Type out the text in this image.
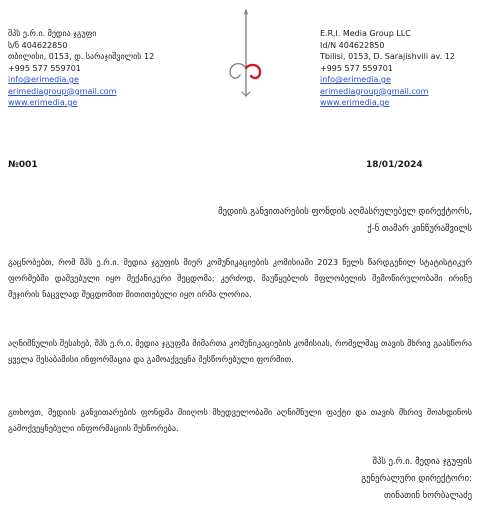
შპს ე.რ.ი. მედია ჯგუფი
ს/ნ 404622850
თბილისი, 0153, დ. სარაჯიშვილის 12
+995 577 559701
info@erimedia.ge
erimediagroup@gmail.com
www.erimedia.ge
E.R.I. Media Group LLC
Id/N 404622850
Tbilisi, 0153, D. Sarajishvili av. 12
+995 577 559701
info@erimedia.ge
erimediagroup@gmail.com
www.erimedia.ge
№001	18/01/2024
მედიის განვითარების ფონდის აღმასრულებელ დირექტორს,
ქ-ნ თამარ კინწურაშვილს
გაცნობებთ, რომ შპს ე.რ.ი. მედია ჯგუფის მიერ კომუნიკაციების კომისიაში 2023 წელს წარდგენილ სტატისტიკურ ფორმებში დაშვებული იყო მექანიკური შეცდომა: კერძოდ, მაუწყებლის მფლობელის შემოწირულობაში ირინე მუჯირის ნაცვლად შეცდომით მითითებული იყო ირმა ლორია.
აღნიშნულის შესახებ, შპს ე.რ.ი. მედია ჯგუფმა მიმართა კომუნიკაციების კომისიას, რომელმაც თავის მხრივ გაასწორა ყველა შესაბამისი ინფორმაცია და გამოაქვეყნა შესწორებული ფორმით.
გთხოვთ, მედიის განვითარების ფონდმა მიიღოს მხედველობაში აღნიშნული ფაქტი და თავის მხრივ მოახდინოს გამოქვეყნებული ინფორმაციის შესწორება.
შპს ე.რ.ი. მედია ჯგუფის
გენერალური დირექტორი:
თინათინ ხორბალაძე
